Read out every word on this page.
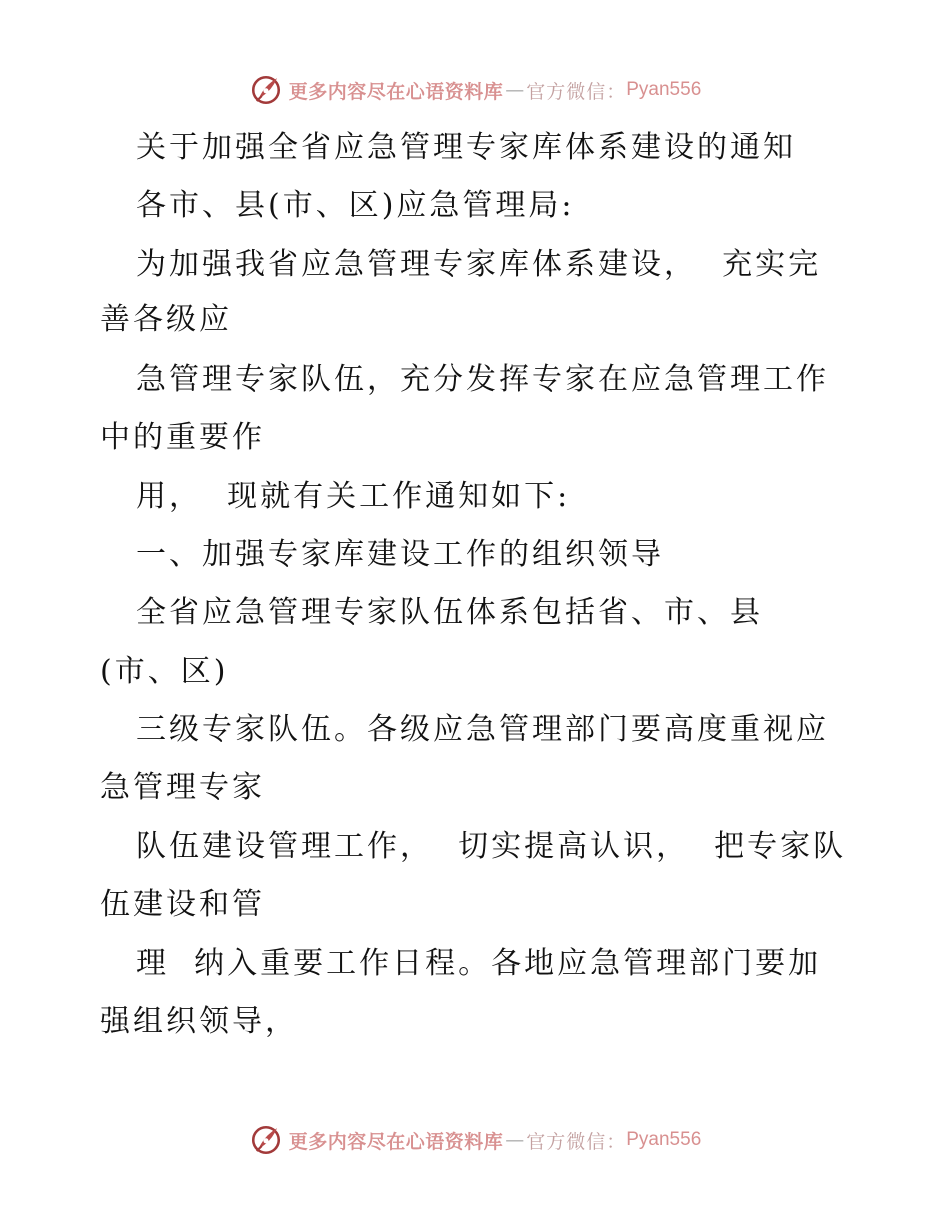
更多内容尽在心语资料库 — 官方微信： Pyan556
关于加强全省应急管理专家库体系建设的通知
各市、县(市、区)应急管理局:
为加强我省应急管理专家库体系建设，  充实完
善各级应
急管理专家队伍，充分发挥专家在应急管理工作
中的重要作
用，  现就有关工作通知如下:
一、加强专家库建设工作的组织领导
全省应急管理专家队伍体系包括省、市、县
(市、区)
三级专家队伍。各级应急管理部门要高度重视应
急管理专家
队伍建设管理工作，  切实提高认识，  把专家队
伍建设和管
理  纳入重要工作日程。各地应急管理部门要加
强组织领导，
更多内容尽在心语资料库 — 官方微信： Pyan556
